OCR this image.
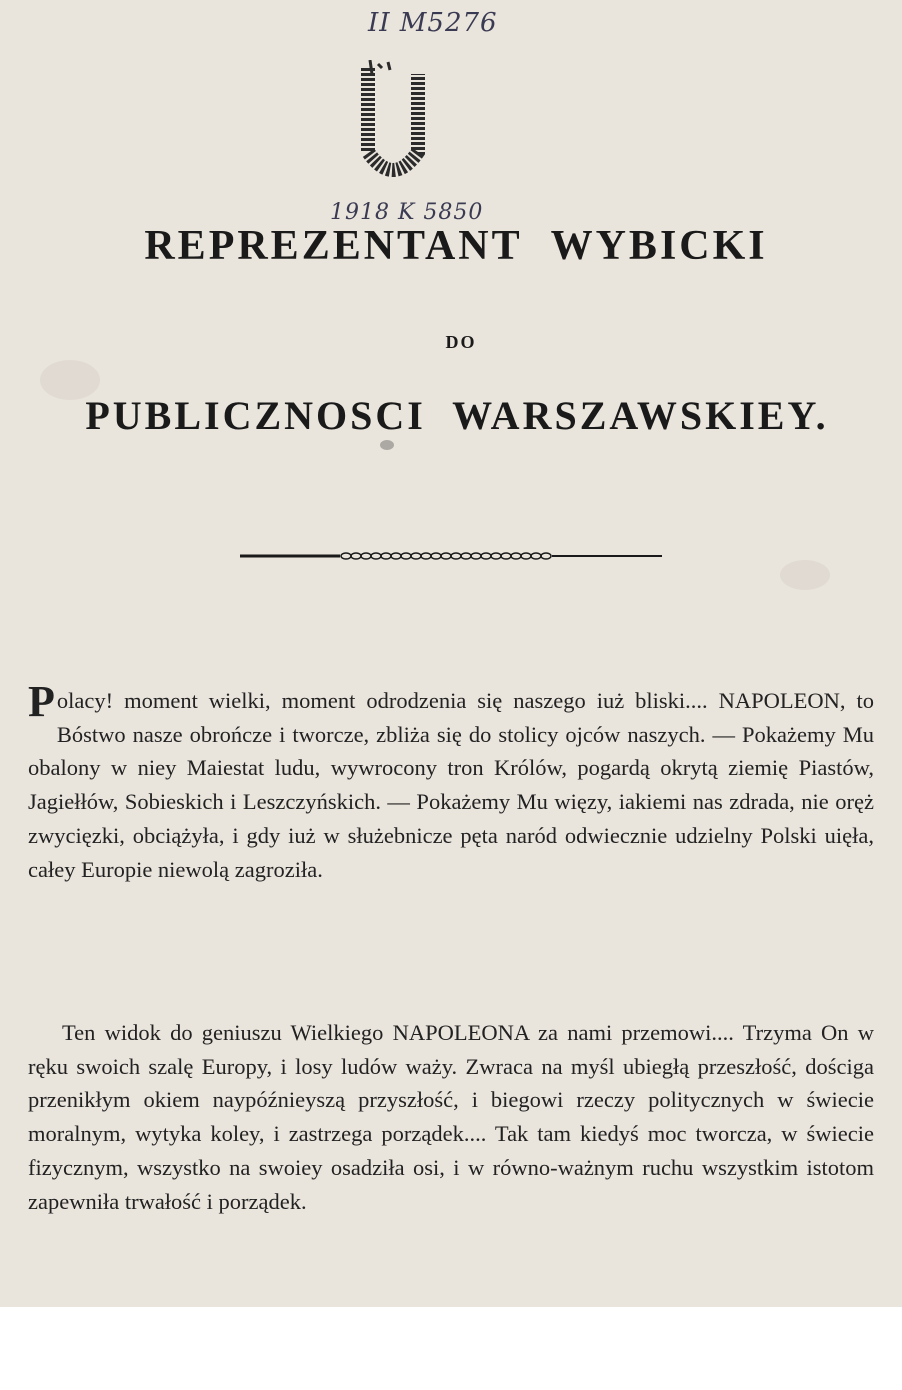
II M5276
1918 K 5850
REPREZENTANT WYBICKI
DO
PUBLICZNOSCI WARSZAWSKIEY.

Polacy! moment wielki, moment odrodzenia się naszego iuż bliski.... NAPOLEON, to Bóstwo nasze obrończe i tworcze, zbliża się do stolicy ojców naszych. — Pokażemy Mu obalony w niey Maiestat ludu, wywrocony tron Królów, pogardą okrytą ziemię Piastów, Jagiełłów, Sobieskich i Leszczyńskich. — Pokażemy Mu więzy, iakiemi nas zdrada, nie oręż zwycięzki, obciążyła, i gdy iuż w służebnicze pęta naród odwiecznie udzielny Polski uięła, całey Europie niewolą zagroziła.

Ten widok do geniuszu Wielkiego NAPOLEONA za nami przemowi.... Trzyma On w ręku swoich szalę Europy, i losy ludów waży. Zwraca na myśl ubiegłą przeszłość, dościga przenikłym okiem naypóźnieyszą przyszłość, i biegowi rzeczy politycznych w świecie moralnym, wytyka koley, i zastrzega porządek.... Tak tam kiedyś moc tworcza, w świecie fizycznym, wszystko na swoiey osadziła osi, i w równo-ważnym ruchu wszystkim istotom zapewniła trwałość i porządek.
